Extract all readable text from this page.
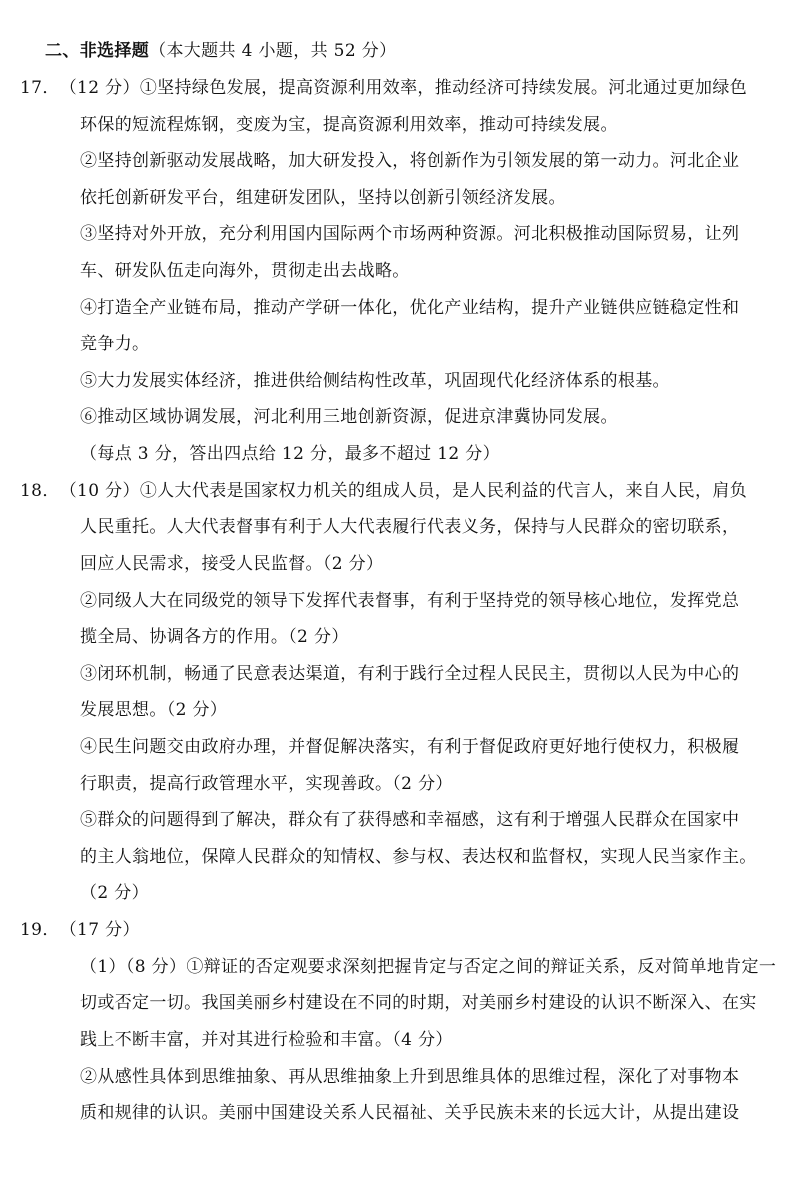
二、非选择题（本大题共 4 小题，共 52 分）
17．（12 分）①坚持绿色发展，提高资源利用效率，推动经济可持续发展。河北通过更加绿色
环保的短流程炼钢，变废为宝，提高资源利用效率，推动可持续发展。
②坚持创新驱动发展战略，加大研发投入，将创新作为引领发展的第一动力。河北企业
依托创新研发平台，组建研发团队，坚持以创新引领经济发展。
③坚持对外开放，充分利用国内国际两个市场两种资源。河北积极推动国际贸易，让列
车、研发队伍走向海外，贯彻走出去战略。
④打造全产业链布局，推动产学研一体化，优化产业结构，提升产业链供应链稳定性和
竞争力。
⑤大力发展实体经济，推进供给侧结构性改革，巩固现代化经济体系的根基。
⑥推动区域协调发展，河北利用三地创新资源，促进京津冀协同发展。
（每点 3 分，答出四点给 12 分，最多不超过 12 分）
18．（10 分）①人大代表是国家权力机关的组成人员，是人民利益的代言人，来自人民，肩负
人民重托。人大代表督事有利于人大代表履行代表义务，保持与人民群众的密切联系，
回应人民需求，接受人民监督。（2 分）
②同级人大在同级党的领导下发挥代表督事，有利于坚持党的领导核心地位，发挥党总
揽全局、协调各方的作用。（2 分）
③闭环机制，畅通了民意表达渠道，有利于践行全过程人民民主，贯彻以人民为中心的
发展思想。（2 分）
④民生问题交由政府办理，并督促解决落实，有利于督促政府更好地行使权力，积极履
行职责，提高行政管理水平，实现善政。（2 分）
⑤群众的问题得到了解决，群众有了获得感和幸福感，这有利于增强人民群众在国家中
的主人翁地位，保障人民群众的知情权、参与权、表达权和监督权，实现人民当家作主。
（2 分）
19．（17 分）
（1）（8 分）①辩证的否定观要求深刻把握肯定与否定之间的辩证关系，反对简单地肯定一
切或否定一切。我国美丽乡村建设在不同的时期，对美丽乡村建设的认识不断深入、在实
践上不断丰富，并对其进行检验和丰富。（4 分）
②从感性具体到思维抽象、再从思维抽象上升到思维具体的思维过程，深化了对事物本
质和规律的认识。美丽中国建设关系人民福祉、关乎民族未来的长远大计，从提出建设
